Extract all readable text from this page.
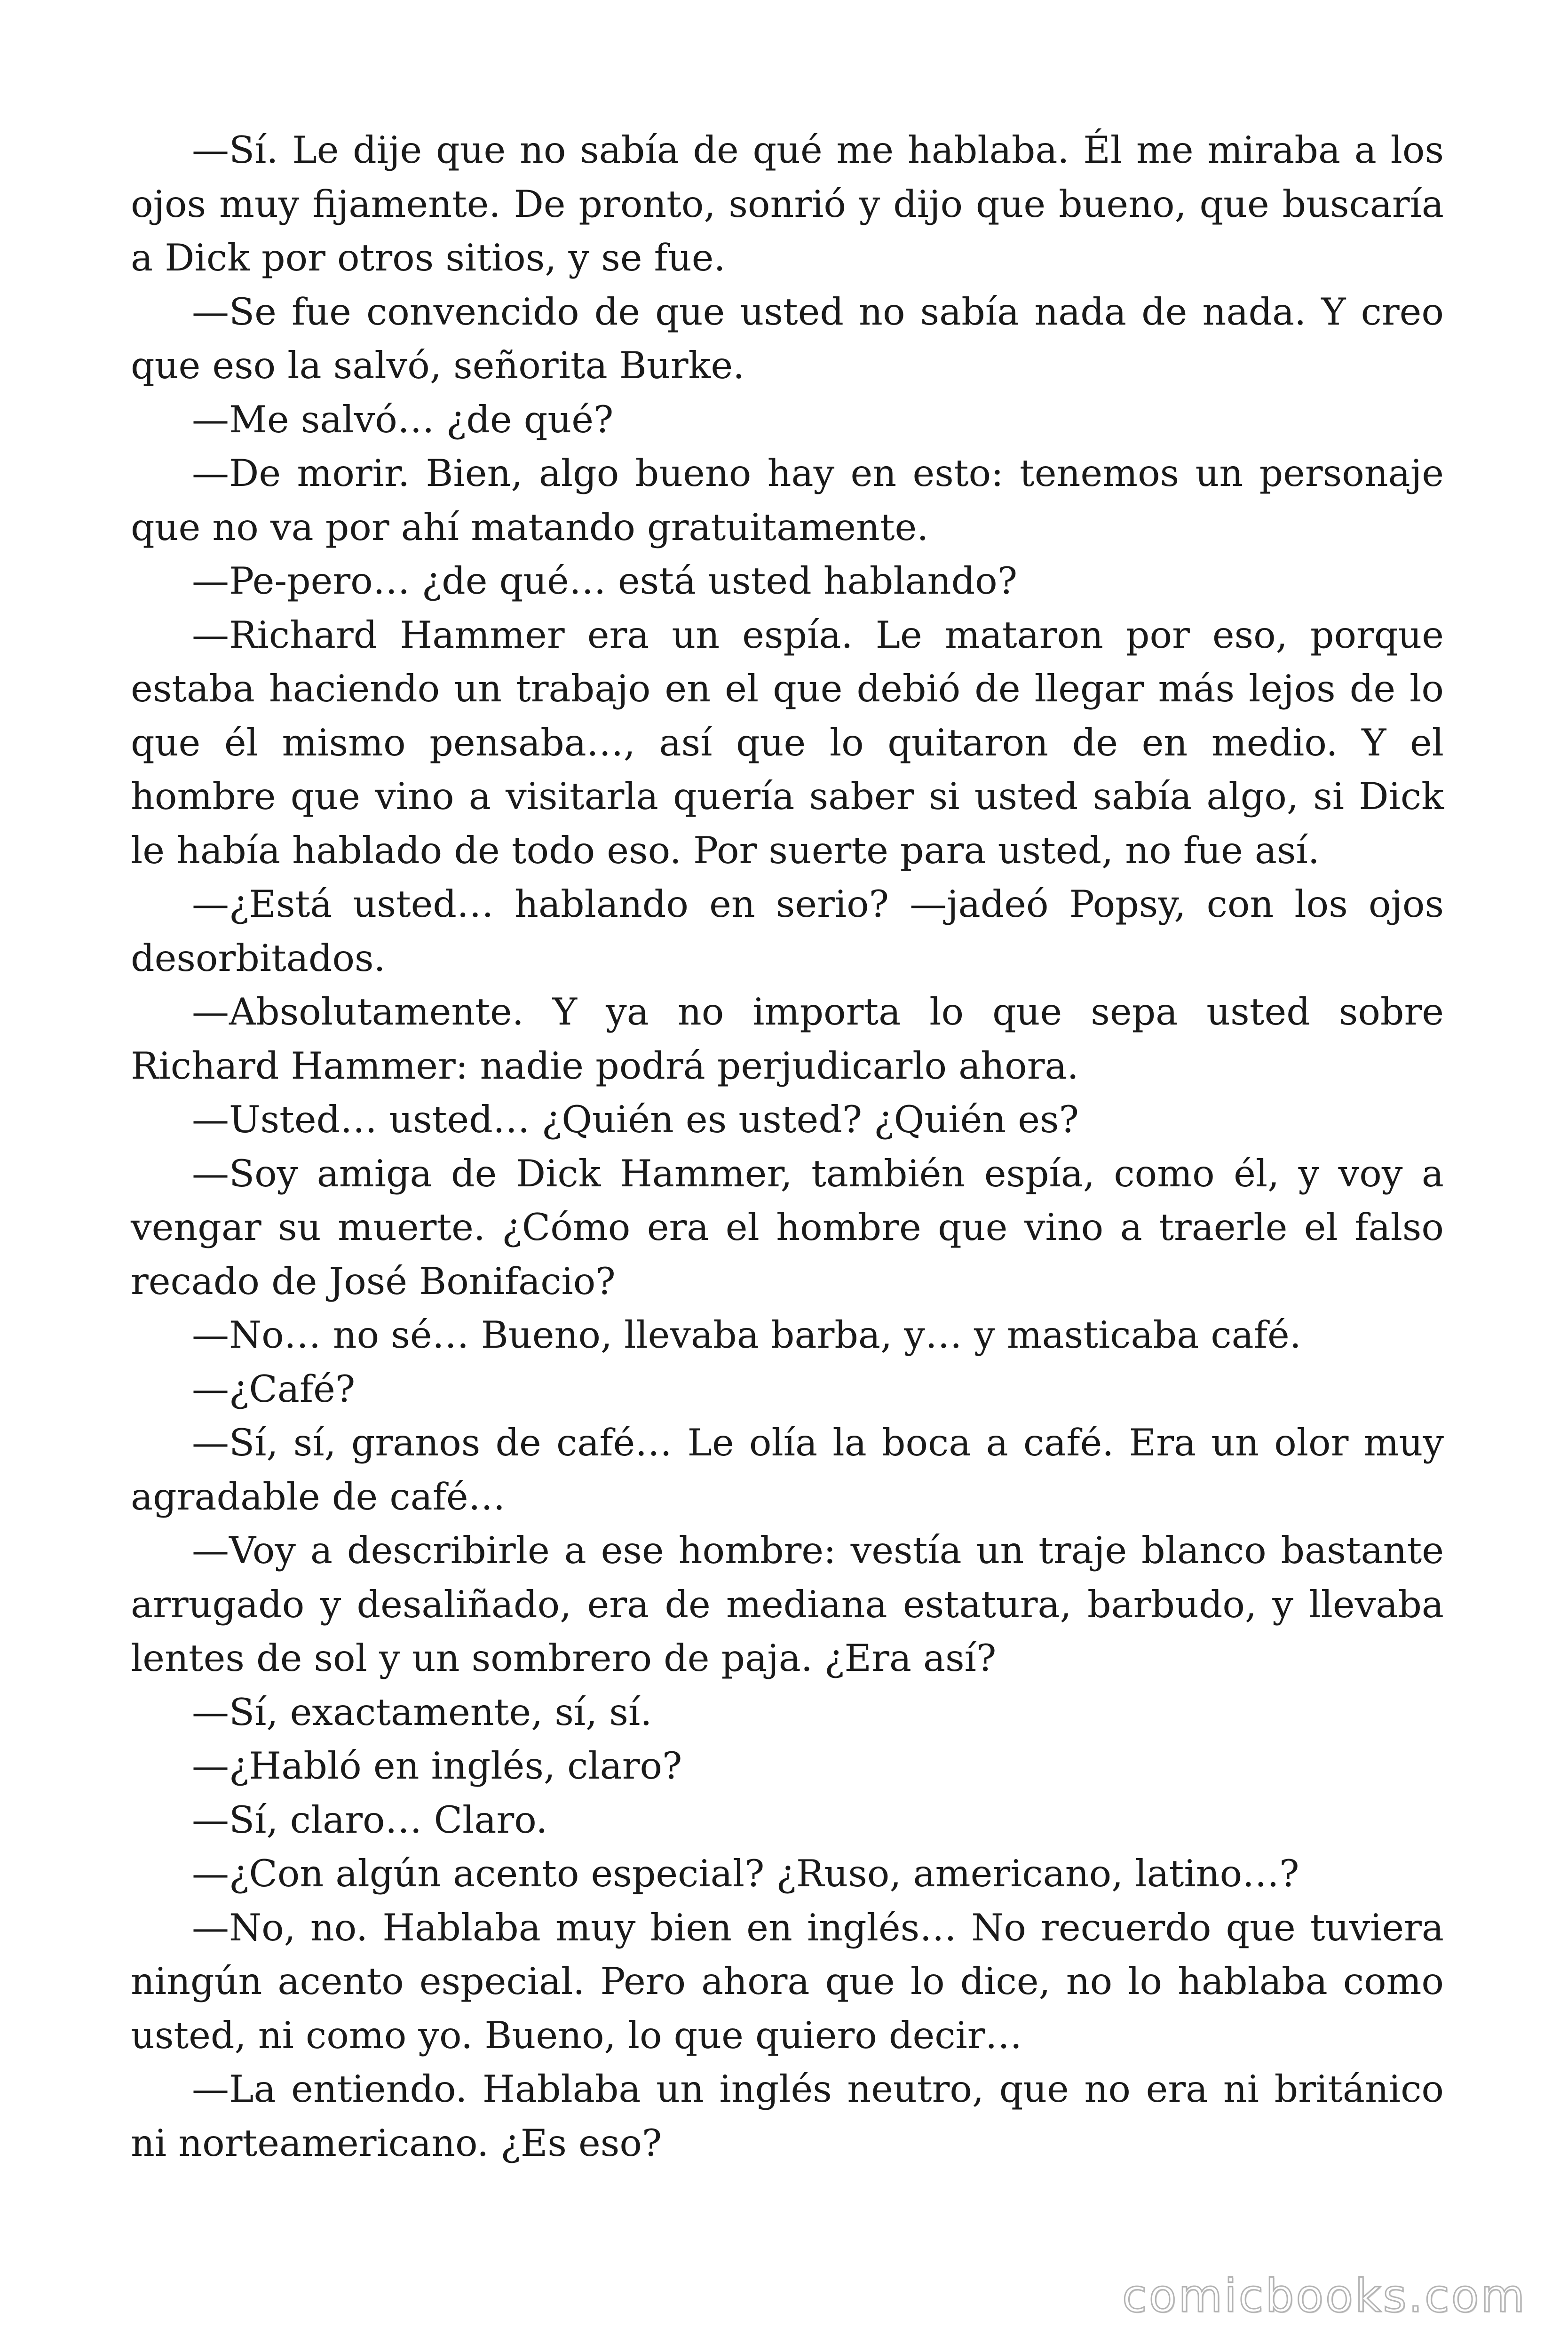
—Sí. Le dije que no sabía de qué me hablaba. Él me miraba a los ojos muy fijamente. De pronto, sonrió y dijo que bueno, que buscaría a Dick por otros sitios, y se fue.

—Se fue convencido de que usted no sabía nada de nada. Y creo que eso la salvó, señorita Burke.

—Me salvó… ¿de qué?

—De morir. Bien, algo bueno hay en esto: tenemos un personaje que no va por ahí matando gratuitamente.

—Pe-pero… ¿de qué… está usted hablando?

—Richard Hammer era un espía. Le mataron por eso, porque estaba haciendo un trabajo en el que debió de llegar más lejos de lo que él mismo pensaba…, así que lo quitaron de en medio. Y el hombre que vino a visitarla quería saber si usted sabía algo, si Dick le había hablado de todo eso. Por suerte para usted, no fue así.

—¿Está usted… hablando en serio? —jadeó Popsy, con los ojos desorbitados.

—Absolutamente. Y ya no importa lo que sepa usted sobre Richard Hammer: nadie podrá perjudicarlo ahora.

—Usted… usted… ¿Quién es usted? ¿Quién es?

—Soy amiga de Dick Hammer, también espía, como él, y voy a vengar su muerte. ¿Cómo era el hombre que vino a traerle el falso recado de José Bonifacio?

—No… no sé… Bueno, llevaba barba, y… y masticaba café.

—¿Café?

—Sí, sí, granos de café… Le olía la boca a café. Era un olor muy agradable de café…

—Voy a describirle a ese hombre: vestía un traje blanco bastante arrugado y desaliñado, era de mediana estatura, barbudo, y llevaba lentes de sol y un sombrero de paja. ¿Era así?

—Sí, exactamente, sí, sí.

—¿Habló en inglés, claro?

—Sí, claro… Claro.

—¿Con algún acento especial? ¿Ruso, americano, latino…?

—No, no. Hablaba muy bien en inglés… No recuerdo que tuviera ningún acento especial. Pero ahora que lo dice, no lo hablaba como usted, ni como yo. Bueno, lo que quiero decir…

—La entiendo. Hablaba un inglés neutro, que no era ni británico ni norteamericano. ¿Es eso?

comicbooks.com
